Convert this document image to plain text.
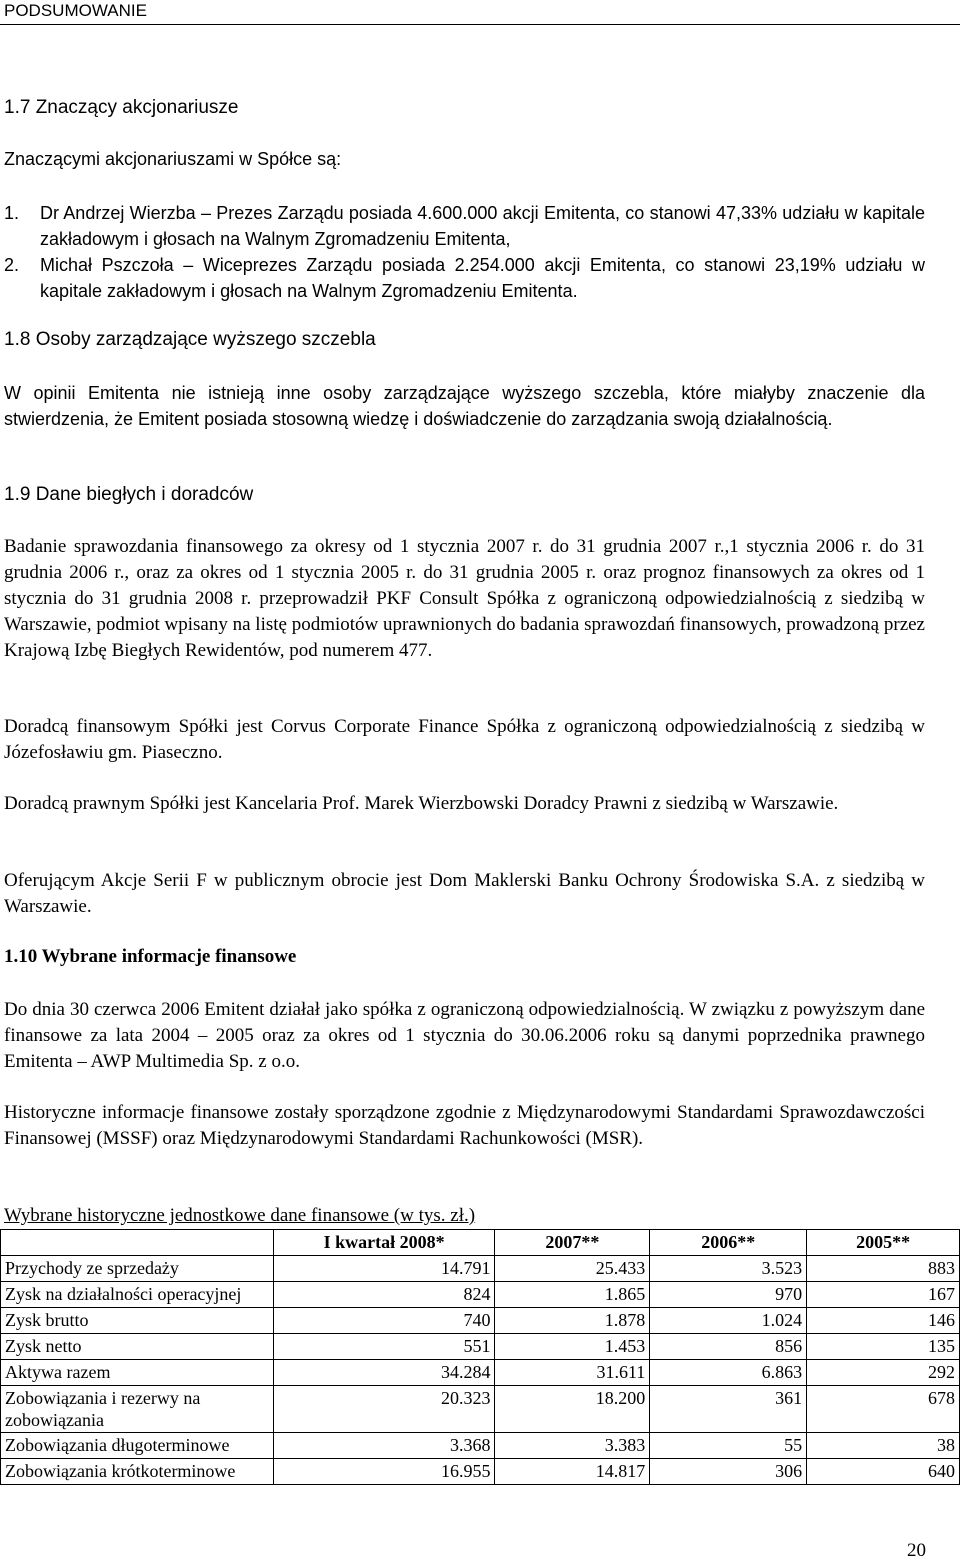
PODSUMOWANIE
1.7 Znaczący akcjonariusze
Znaczącymi akcjonariuszami w Spółce są:
1. Dr Andrzej Wierzba – Prezes Zarządu posiada 4.600.000 akcji Emitenta, co stanowi 47,33% udziału w kapitale zakładowym i głosach na Walnym Zgromadzeniu Emitenta,
2. Michał Pszczoła – Wiceprezes Zarządu posiada 2.254.000 akcji Emitenta, co stanowi 23,19% udziału w kapitale zakładowym i głosach na Walnym Zgromadzeniu Emitenta.
1.8 Osoby zarządzające wyższego szczebla

W opinii Emitenta nie istnieją inne osoby zarządzające wyższego szczebla, które miałyby znaczenie dla stwierdzenia, że Emitent posiada stosowną wiedzę i doświadczenie do zarządzania swoją działalnością.

1.9 Dane biegłych i doradców

Badanie sprawozdania finansowego za okresy od 1 stycznia 2007 r. do 31 grudnia 2007 r.,1 stycznia 2006 r. do 31 grudnia 2006 r., oraz za okres od 1 stycznia 2005 r. do 31 grudnia 2005 r. oraz prognoz finansowych za okres od 1 stycznia do 31 grudnia 2008 r. przeprowadził PKF Consult Spółka z ograniczoną odpowiedzialnością z siedzibą w Warszawie, podmiot wpisany na listę podmiotów uprawnionych do badania sprawozdań finansowych, prowadzoną przez Krajową Izbę Biegłych Rewidentów, pod numerem 477.

Doradcą finansowym Spółki jest Corvus Corporate Finance Spółka z ograniczoną odpowiedzialnością z siedzibą w Józefosławiu gm. Piaseczno.

Doradcą prawnym Spółki jest Kancelaria Prof. Marek Wierzbowski Doradcy Prawni z siedzibą w Warszawie.

Oferującym Akcje Serii F w publicznym obrocie jest Dom Maklerski Banku Ochrony Środowiska S.A. z siedzibą w Warszawie.

1.10 Wybrane informacje finansowe

Do dnia 30 czerwca 2006 Emitent działał jako spółka z ograniczoną odpowiedzialnością. W związku z powyższym dane finansowe za lata 2004 – 2005 oraz za okres od 1 stycznia do 30.06.2006 roku są danymi poprzednika prawnego Emitenta – AWP Multimedia Sp. z o.o.

Historyczne informacje finansowe zostały sporządzone zgodnie z Międzynarodowymi Standardami Sprawozdawczości Finansowej (MSSF) oraz Międzynarodowymi Standardami Rachunkowości (MSR).

Wybrane historyczne jednostkowe dane finansowe (w tys. zł.)
	I kwartał 2008*	2007**	2006**	2005**
Przychody ze sprzedaży	14.791	25.433	3.523	883
Zysk na działalności operacyjnej	824	1.865	970	167
Zysk brutto	740	1.878	1.024	146
Zysk netto	551	1.453	856	135
Aktywa razem	34.284	31.611	6.863	292
Zobowiązania i rezerwy na zobowiązania	20.323	18.200	361	678
Zobowiązania długoterminowe	3.368	3.383	55	38
Zobowiązania krótkoterminowe	16.955	14.817	306	640
20
